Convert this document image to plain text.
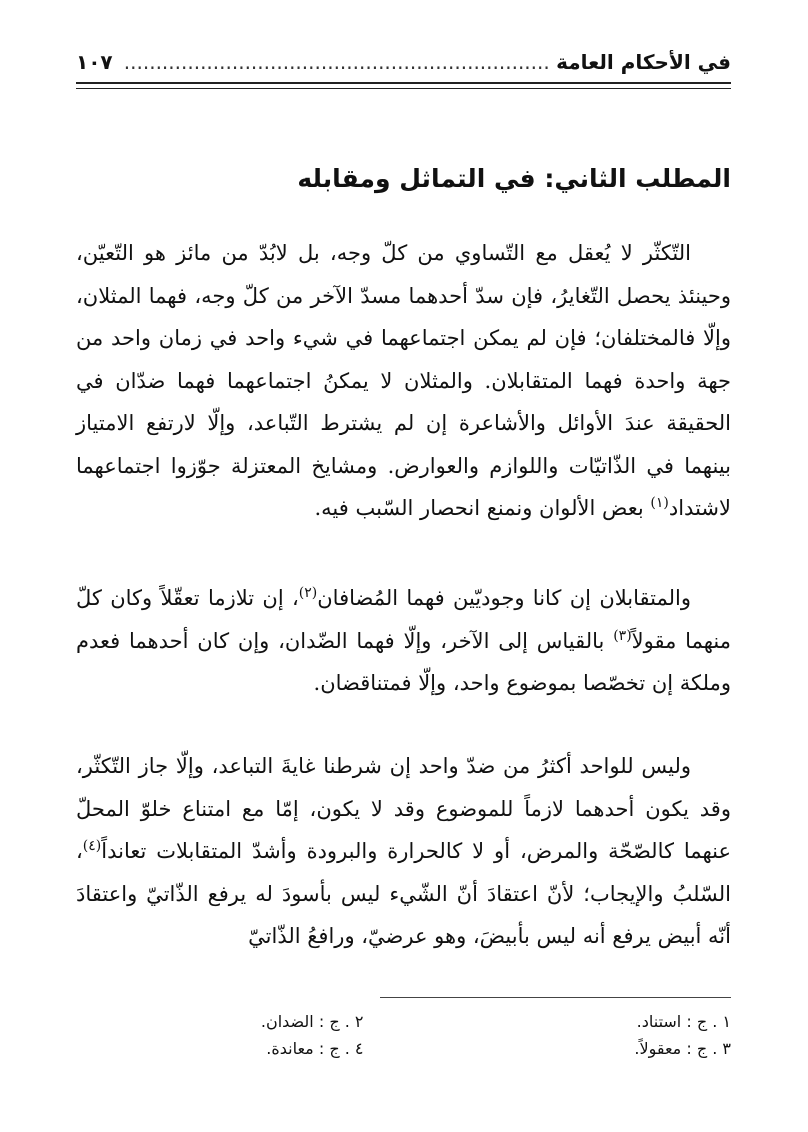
في الأحكام العامة .....
١٠٧
المطلب الثاني: في التماثل ومقابله

التّكثّر لا يُعقل مع التّساوي من كلّ وجه، بل لابُدّ من مائز هو التّعيّن، وحينئذ يحصل التّغايرُ، فإن سدّ أحدهما مسدّ الآخر من كلّ وجه، فهما المثلان، وإلّا فالمختلفان؛ فإن لم يمكن اجتماعهما في شيء واحد في زمان واحد من جهة واحدة فهما المتقابلان. والمثلان لا يمكنُ اجتماعهما فهما ضدّان في الحقيقة عندَ الأوائل والأشاعرة إن لم يشترط التّباعد، وإلّا لارتفع الامتياز بينهما في الذّاتيّات واللوازم والعوارض. ومشايخ المعتزلة جوّزوا اجتماعهما لاشتداد$^{(١)}$ بعض الألوان ونمنع انحصار السّبب فيه.

والمتقابلان إن كانا وجوديّين فهما المُضافان$^{(٢)}$، إن تلازما تعقّلاً وكان كلّ منهما مقولاً$^{(٣)}$ بالقياس إلى الآخر، وإلّا فهما الضّدان، وإن كان أحدهما فعدم وملكة إن تخصّصا بموضوع واحد، وإلّا فمتناقضان.

وليس للواحد أكثرُ من ضدّ واحد إن شرطنا غايةَ التباعد، وإلّا جاز التّكثّر، وقد يكون أحدهما لازماً للموضوع وقد لا يكون، إمّا مع امتناع خلوّ المحلّ عنهما كالصّحّة والمرض، أو لا كالحرارة والبرودة وأشدّ المتقابلات تعانداً$^{(٤)}$، السّلبُ والإيجاب؛ لأنّ اعتقادَ أنّ الشّيء ليس بأسودَ له يرفع الذّاتيّ واعتقادَ أنّه أبيض يرفع أنه ليس بأبيضَ، وهو عرضيّ، ورافعُ الذّاتيّ

١ . ج : استناد.
٢ . ج : الضدان.
٣ . ج : معقولاً.
٤ . ج : معاندة.
